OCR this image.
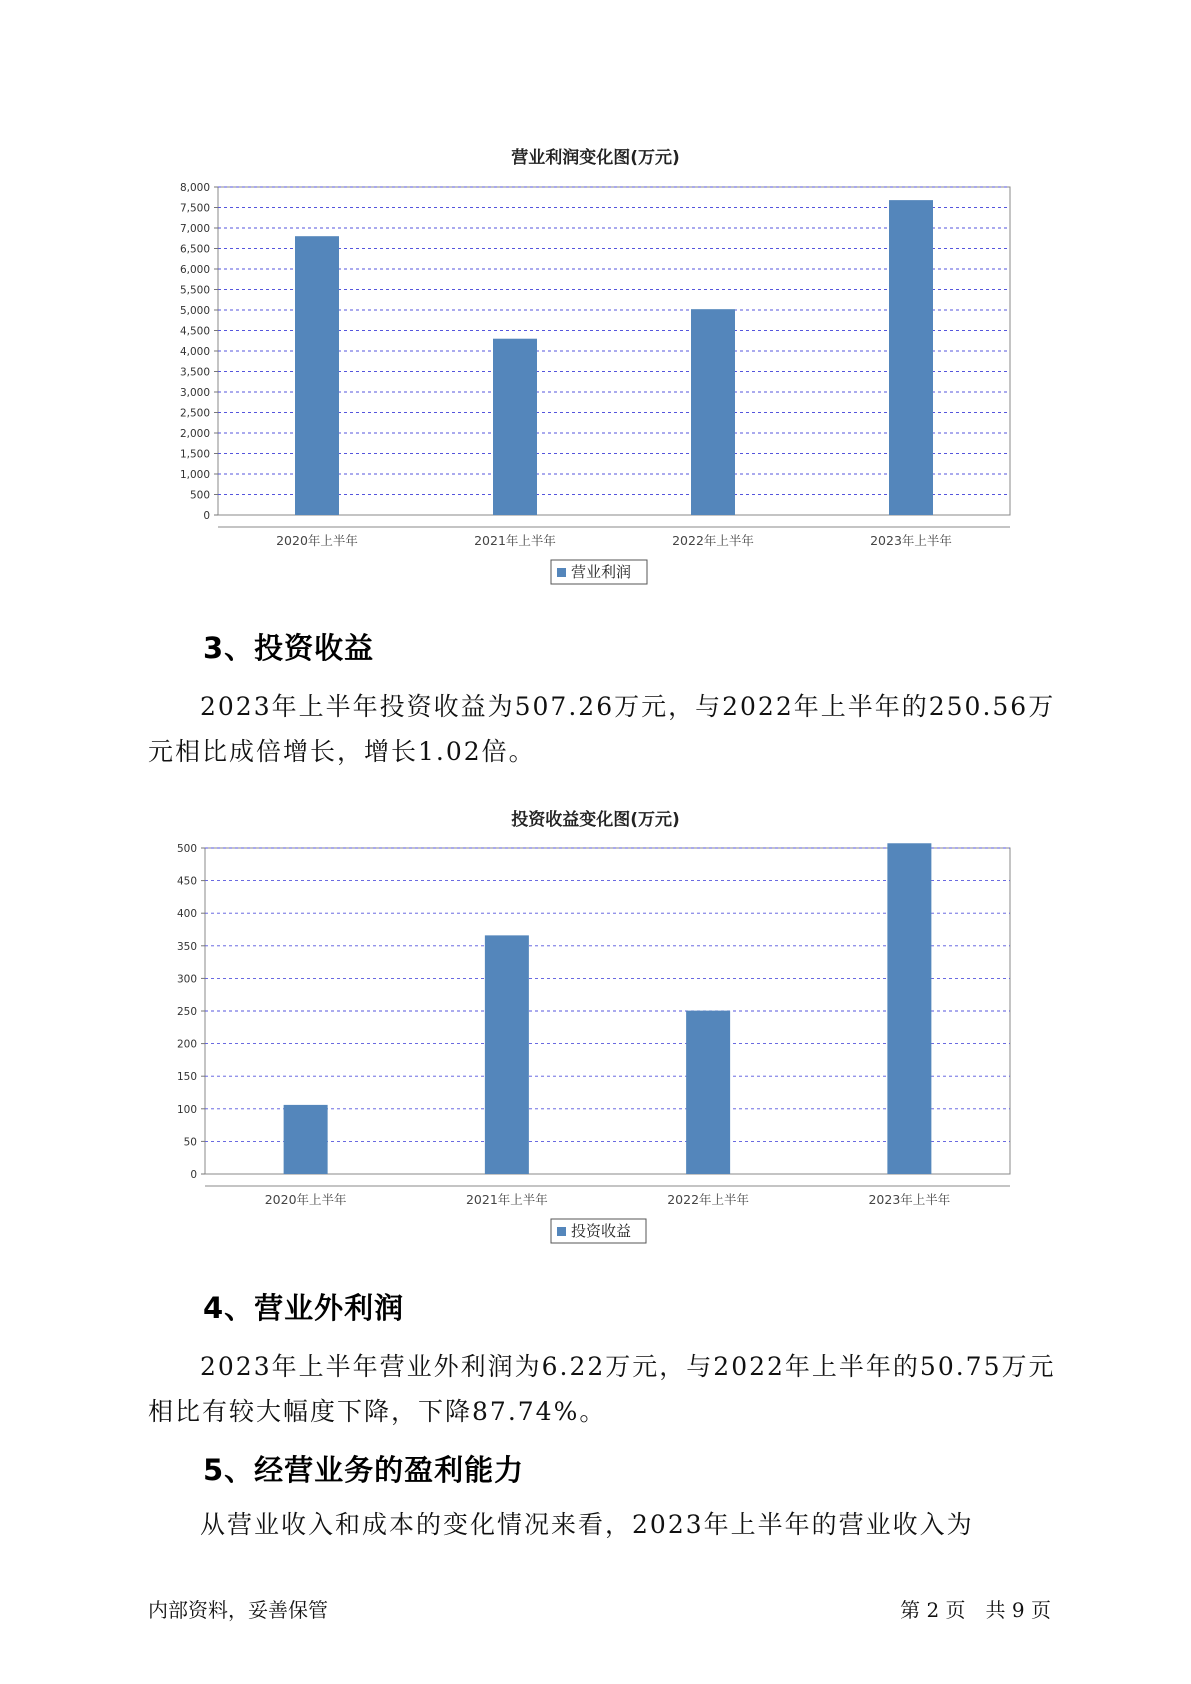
营业利润变化图(万元)
0
500
1,000
1,500
2,000
2,500
3,000
3,500
4,000
4,500
5,000
5,500
6,000
6,500
7,000
7,500
8,000
2020年上半年	2021年上半年	2022年上半年	2023年上半年
营业利润
3、投资收益

2023年上半年投资收益为507.26万元，与2022年上半年的250.56万元相比成倍增长，增长1.02倍。

投资收益变化图(万元)
0
50
100
150
200
250
300
350
400
450
500
2020年上半年	2021年上半年	2022年上半年	2023年上半年
投资收益
4、营业外利润

2023年上半年营业外利润为6.22万元，与2022年上半年的50.75万元相比有较大幅度下降，下降87.74%。

5、经营业务的盈利能力

从营业收入和成本的变化情况来看，2023年上半年的营业收入为

内部资料，妥善保管	第 2 页　共 9 页
